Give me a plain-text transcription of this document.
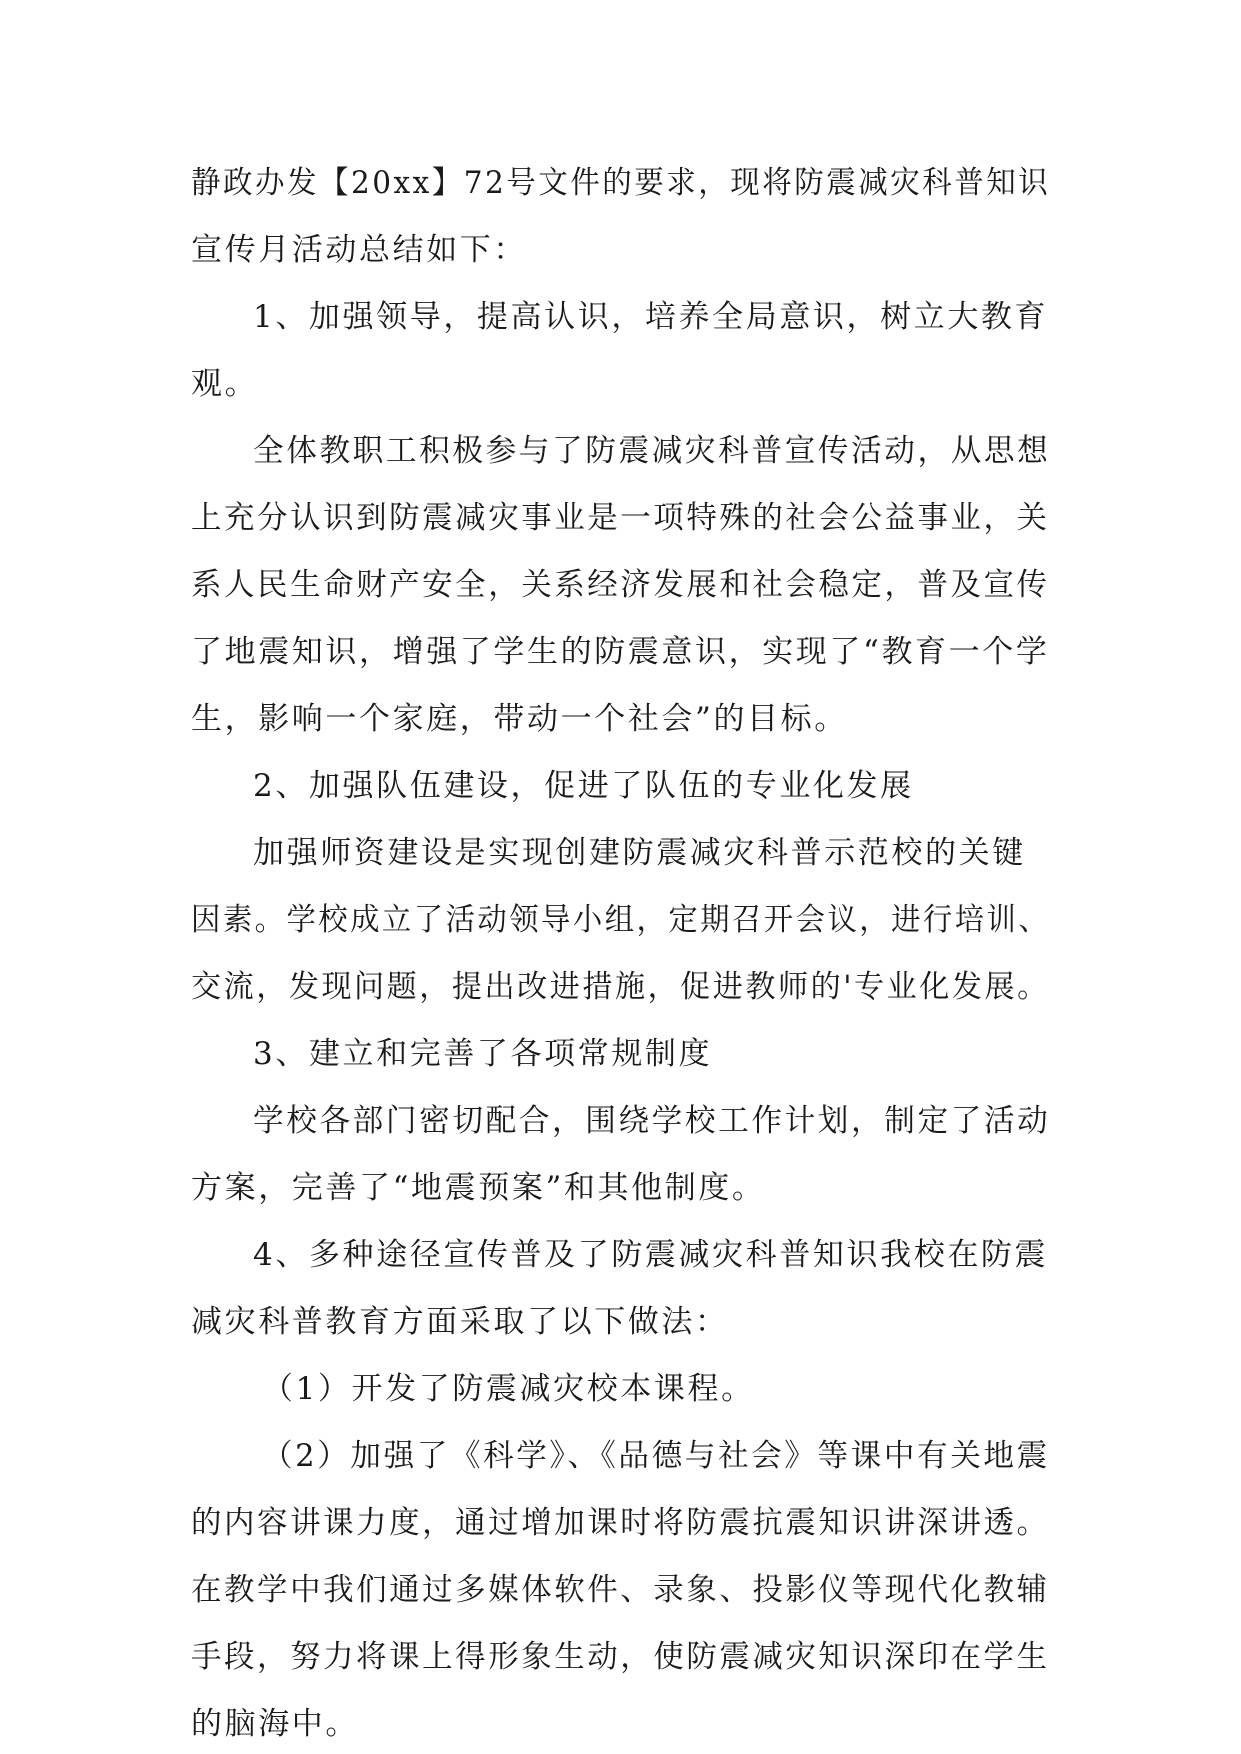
静政办发【20xx】72号文件的要求，现将防震减灾科普知识
宣传月活动总结如下：
1、加强领导，提高认识，培养全局意识，树立大教育
观。
全体教职工积极参与了防震减灾科普宣传活动，从思想
上充分认识到防震减灾事业是一项特殊的社会公益事业，关
系人民生命财产安全，关系经济发展和社会稳定，普及宣传
了地震知识，增强了学生的防震意识，实现了“教育一个学
生，影响一个家庭，带动一个社会”的目标。
2、加强队伍建设，促进了队伍的专业化发展
加强师资建设是实现创建防震减灾科普示范校的关键
因素。学校成立了活动领导小组，定期召开会议，进行培训、
交流，发现问题，提出改进措施，促进教师的'专业化发展。
3、建立和完善了各项常规制度
学校各部门密切配合，围绕学校工作计划，制定了活动
方案，完善了“地震预案”和其他制度。
4、多种途径宣传普及了防震减灾科普知识我校在防震
减灾科普教育方面采取了以下做法：
（1）开发了防震减灾校本课程。
（2）加强了《科学》、《品德与社会》等课中有关地震
的内容讲课力度，通过增加课时将防震抗震知识讲深讲透。
在教学中我们通过多媒体软件、录象、投影仪等现代化教辅
手段，努力将课上得形象生动，使防震减灾知识深印在学生
的脑海中。
